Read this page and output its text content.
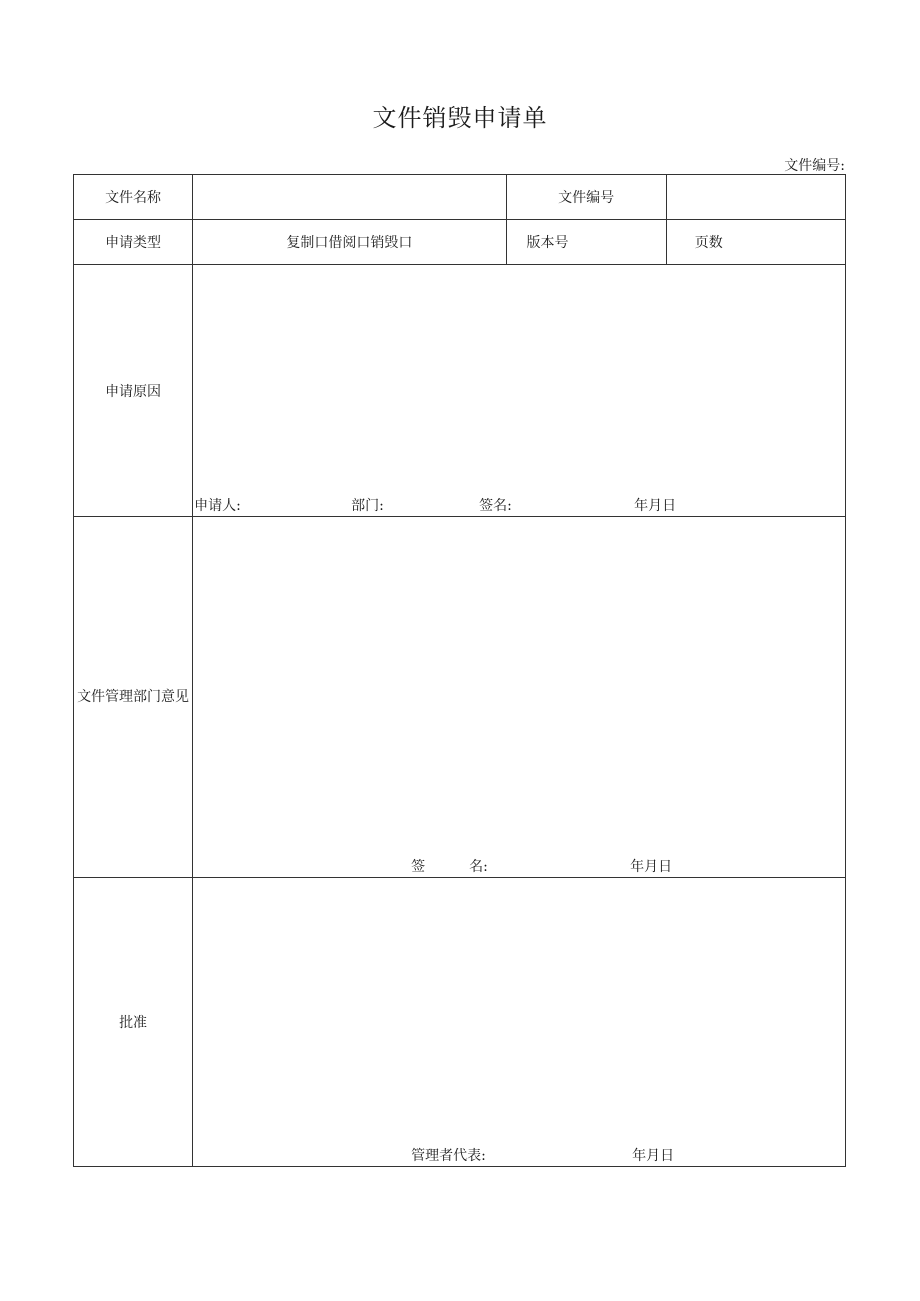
文件销毁申请单
文件编号:
文件名称		文件编号	
申请类型	复制口借阅口销毁口	版本号	页数
申请原因	申请人: 部门: 签名: 年月日		

文件管理部门意见	签 名: 年月日		

批准	管理者代表: 年月日		
